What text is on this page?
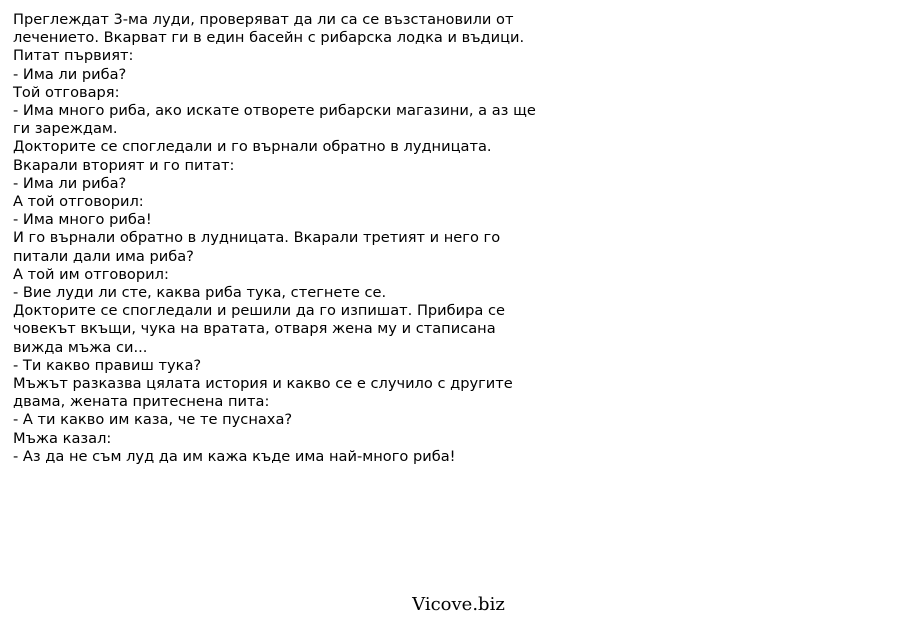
Преглеждат 3-ма луди, проверяват да ли са се възстановили от
лечението. Вкарват ги в един басейн с рибарска лодка и въдици.
Питат първият:
- Има ли риба?
Той отговаря:
- Има много риба, ако искате отворете рибарски магазини, а аз ще
ги зареждам.
Докторите се спогледали и го върнали обратно в лудницата.
Вкарали вторият и го питат:
- Има ли риба?
А той отговорил:
- Има много риба!
И го върнали обратно в лудницата. Вкарали третият и него го
питали дали има риба?
А той им отговорил:
- Вие луди ли сте, каква риба тука, стегнете се.
Докторите се спогледали и решили да го изпишат. Прибира се
човекът вкъщи, чука на вратата, отваря жена му и стаписана
вижда мъжа си...
- Ти какво правиш тука?
Мъжът разказва цялата история и какво се е случило с другите
двама, жената притеснена пита:
- А ти какво им каза, че те пуснаха?
Мъжа казал:
- Аз да не съм луд да им кажа къде има най-много риба!
Vicove.biz
